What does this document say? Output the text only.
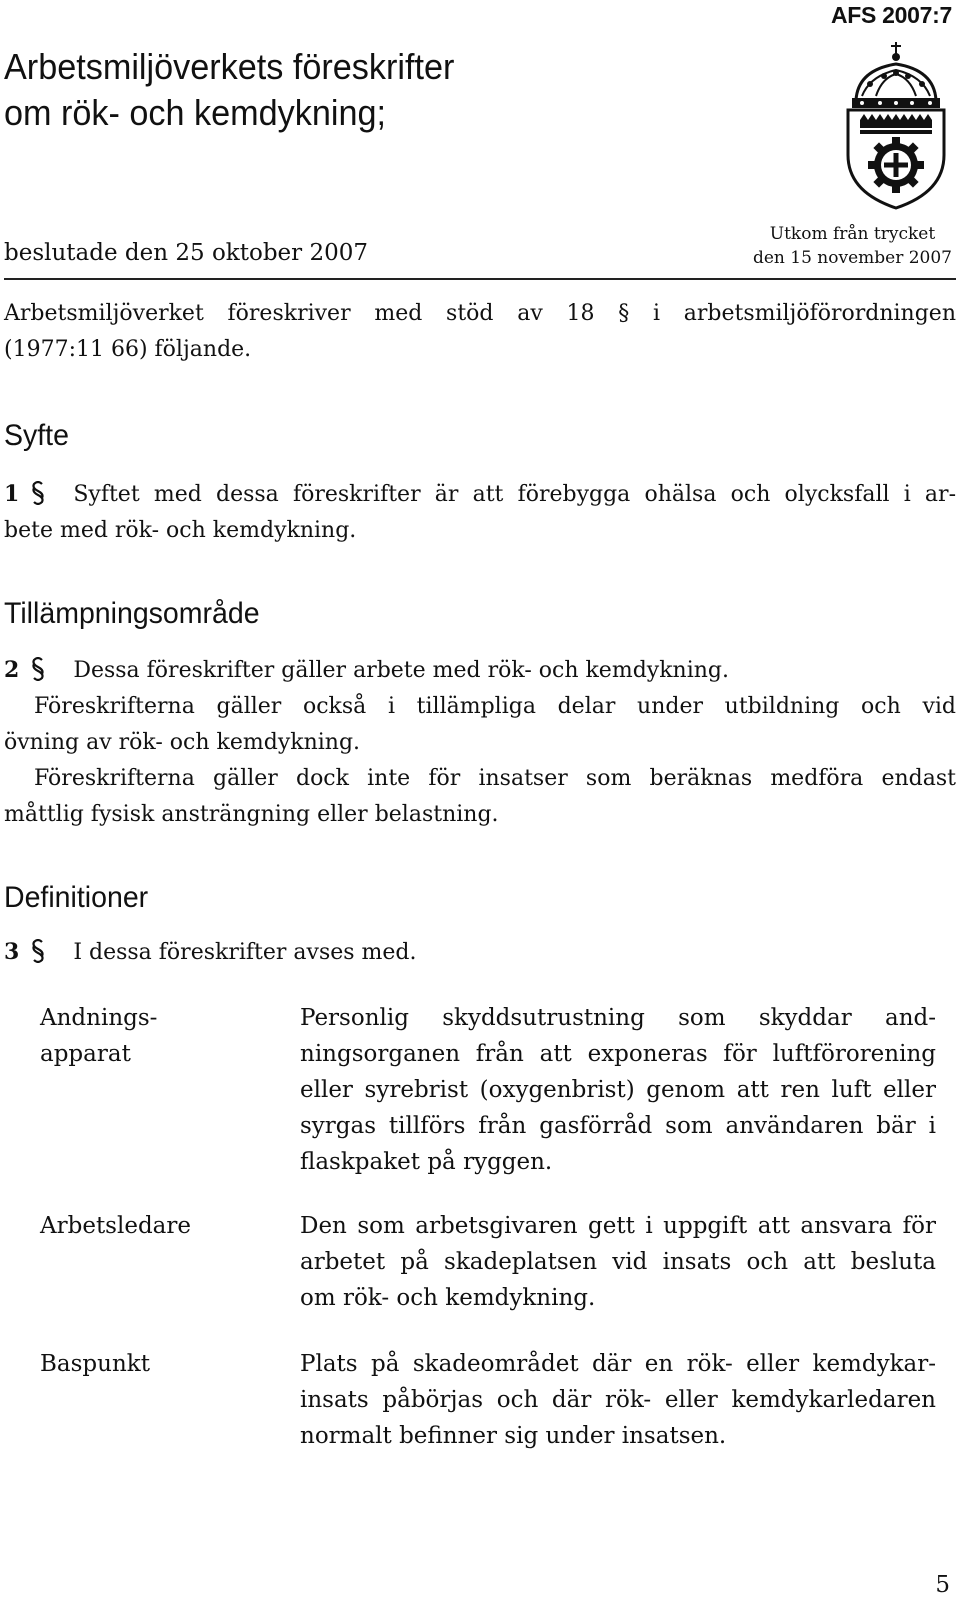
AFS 2007:7
Arbetsmiljöverkets föreskrifter
om rök- och kemdykning;
beslutade den 25 oktober 2007
Utkom från trycket
den 15 november 2007
Arbetsmiljöverket föreskriver med stöd av 18 § i arbetsmiljöförordningen
(1977:11 66) följande.
Syfte
1 Syftet med dessa föreskrifter är att förebygga ohälsa och olycksfall i ar-
bete med rök- och kemdykning.
Tillämpningsområde
2 Dessa föreskrifter gäller arbete med rök- och kemdykning.
Föreskrifterna gäller också i tillämpliga delar under utbildning och vid
övning av rök- och kemdykning.
Föreskrifterna gäller dock inte för insatser som beräknas medföra endast
måttlig fysisk ansträngning eller belastning.
Definitioner
3 I dessa föreskrifter avses med.
Andnings-
apparat
Personlig skyddsutrustning som skyddar and-
ningsorganen från att exponeras för luftförorening
eller syrebrist (oxygenbrist) genom att ren luft eller
syrgas tillförs från gasförråd som användaren bär i
flaskpaket på ryggen.
Arbetsledare	Den som arbetsgivaren gett i uppgift att ansvara för
arbetet på skadeplatsen vid insats och att besluta
om rök- och kemdykning.
Baspunkt	Plats på skadeområdet där en rök- eller kemdykar-
insats påbörjas och där rök- eller kemdykarledaren
normalt befinner sig under insatsen.
5
